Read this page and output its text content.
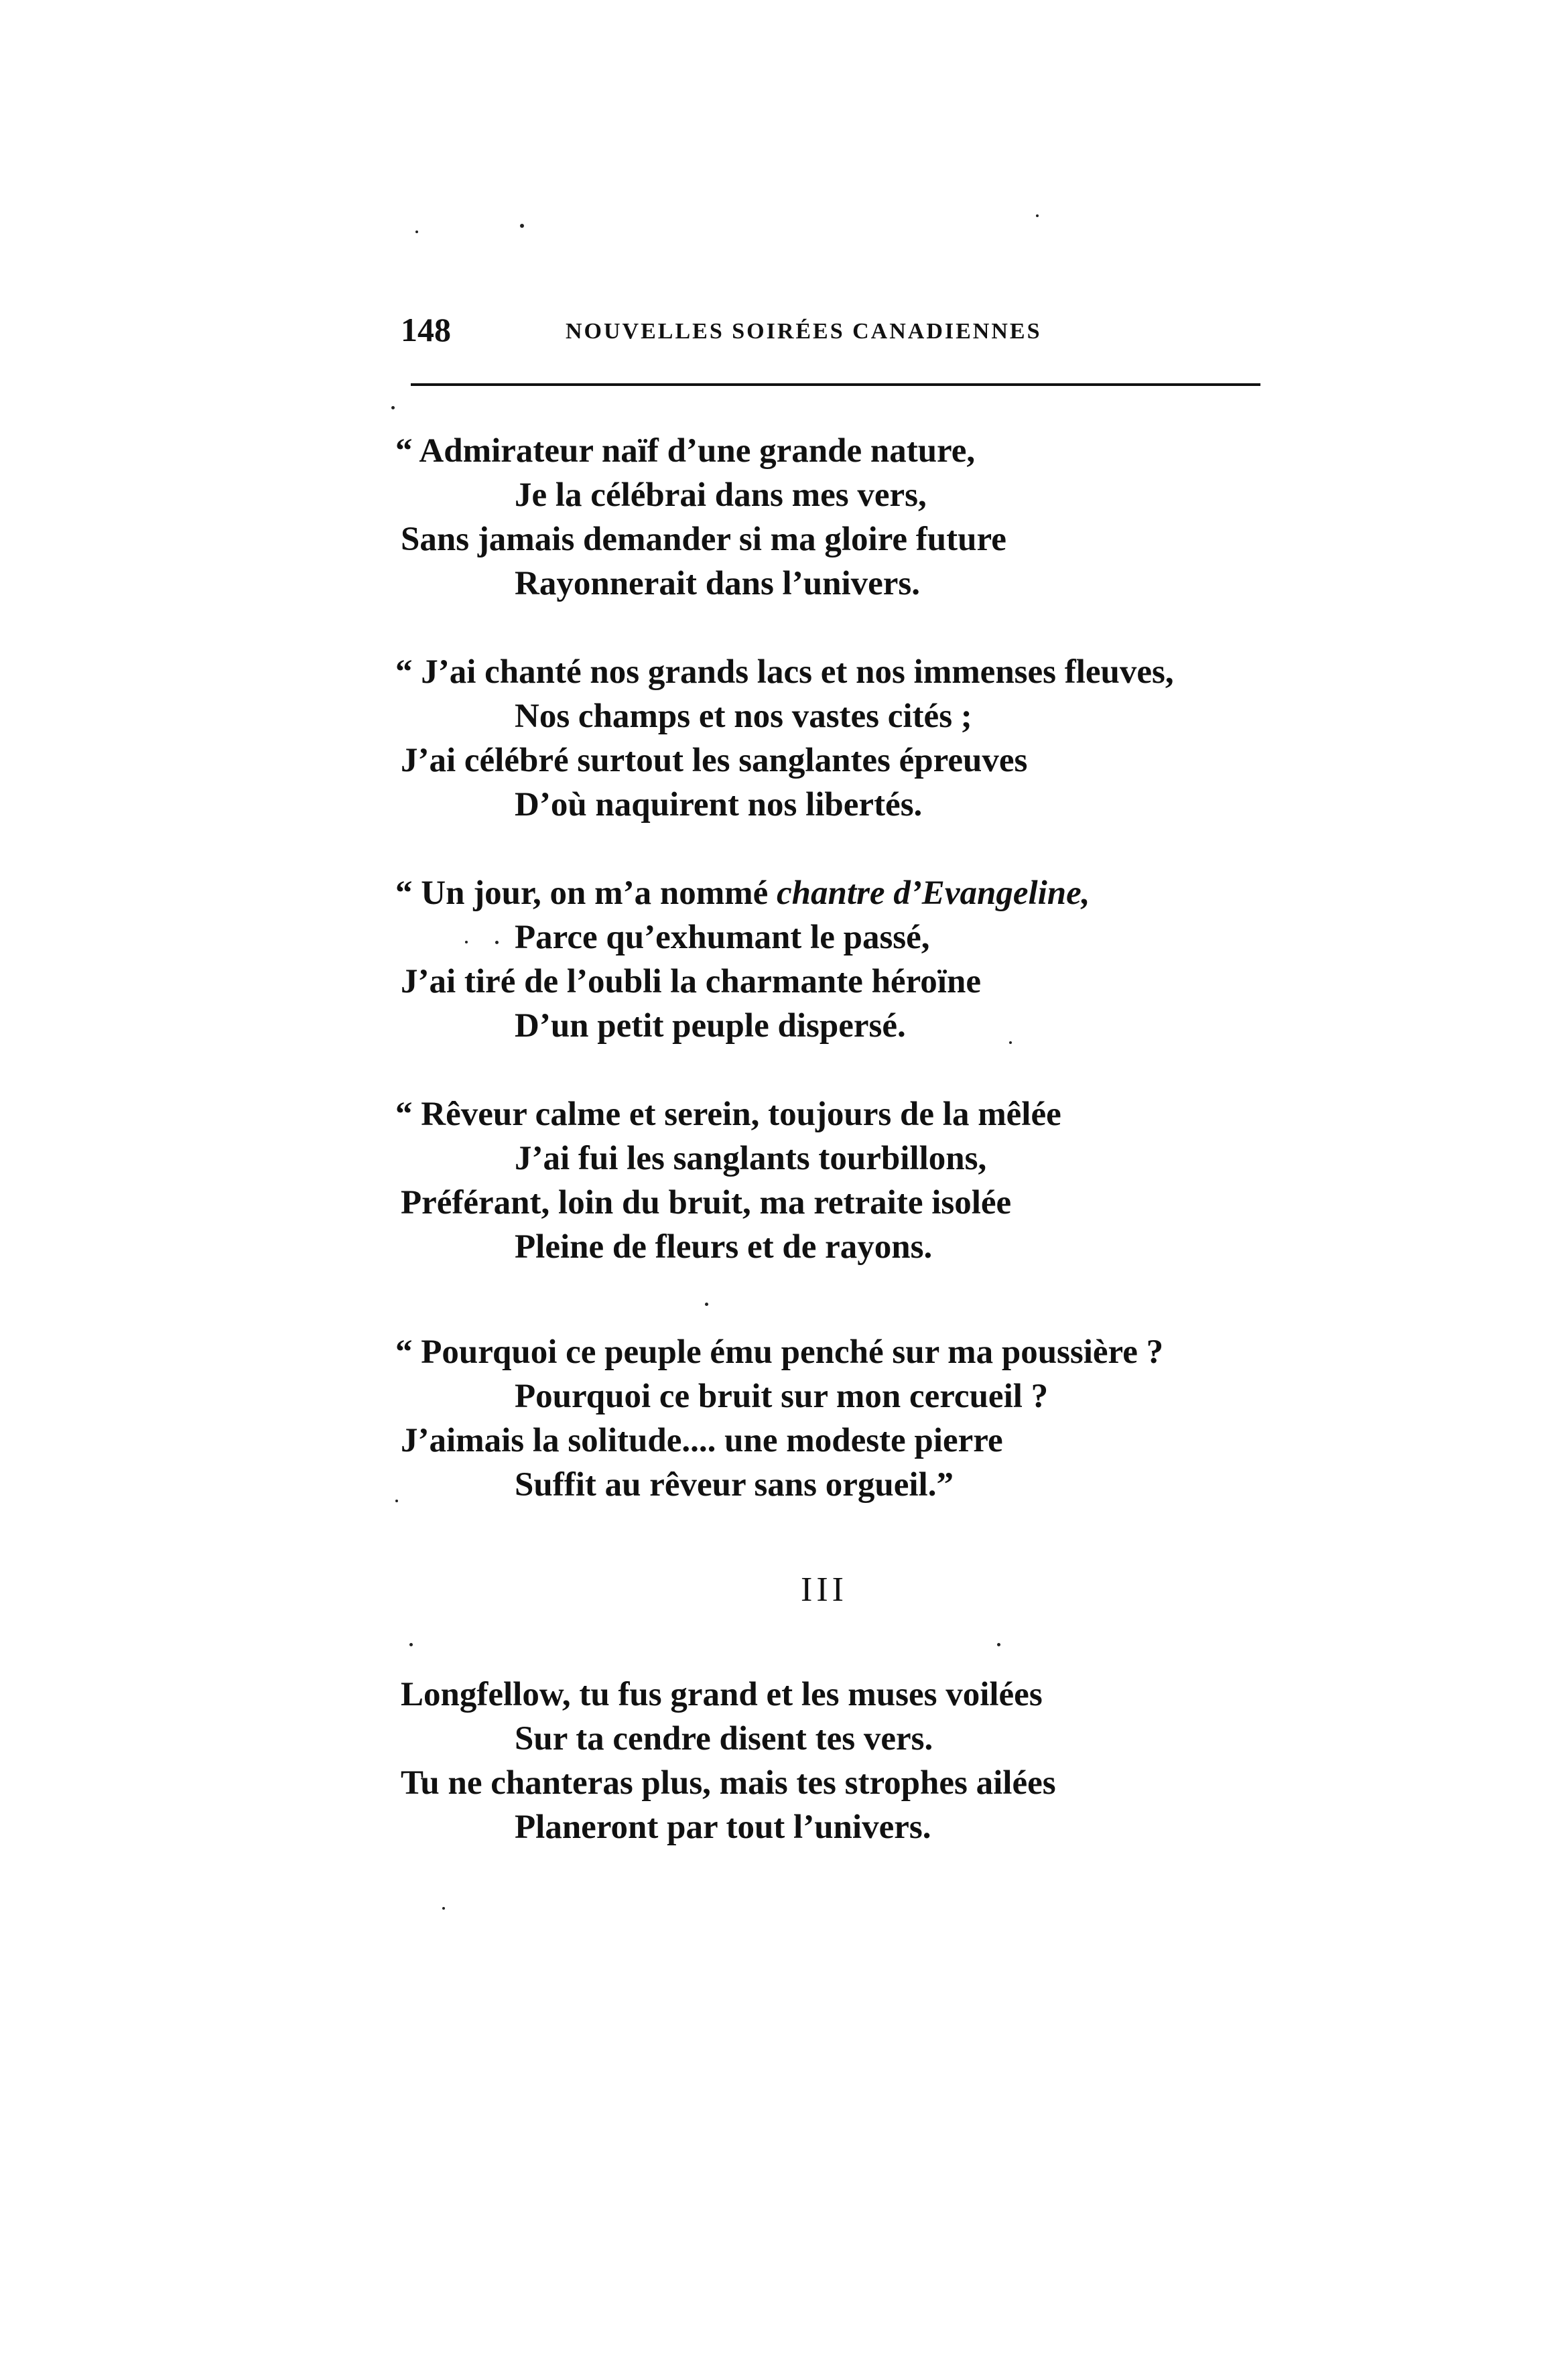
148	NOUVELLES SOIRÉES CANADIENNES
“ Admirateur naïf d’une grande nature,
Je la célébrai dans mes vers,
Sans jamais demander si ma gloire future
Rayonnerait dans l’univers.
“ J’ai chanté nos grands lacs et nos immenses fleuves,
Nos champs et nos vastes cités ;
J’ai célébré surtout les sanglantes épreuves
D’où naquirent nos libertés.
“ Un jour, on m’a nommé chantre d’Evangeline,
Parce qu’exhumant le passé,
J’ai tiré de l’oubli la charmante héroïne
D’un petit peuple dispersé.
“ Rêveur calme et serein, toujours de la mêlée
J’ai fui les sanglants tourbillons,
Préférant, loin du bruit, ma retraite isolée
Pleine de fleurs et de rayons.
“ Pourquoi ce peuple ému penché sur ma poussière ?
Pourquoi ce bruit sur mon cercueil ?
J’aimais la solitude.... une modeste pierre
Suffit au rêveur sans orgueil.”
III
Longfellow, tu fus grand et les muses voilées
Sur ta cendre disent tes vers.
Tu ne chanteras plus, mais tes strophes ailées
Planeront par tout l’univers.
